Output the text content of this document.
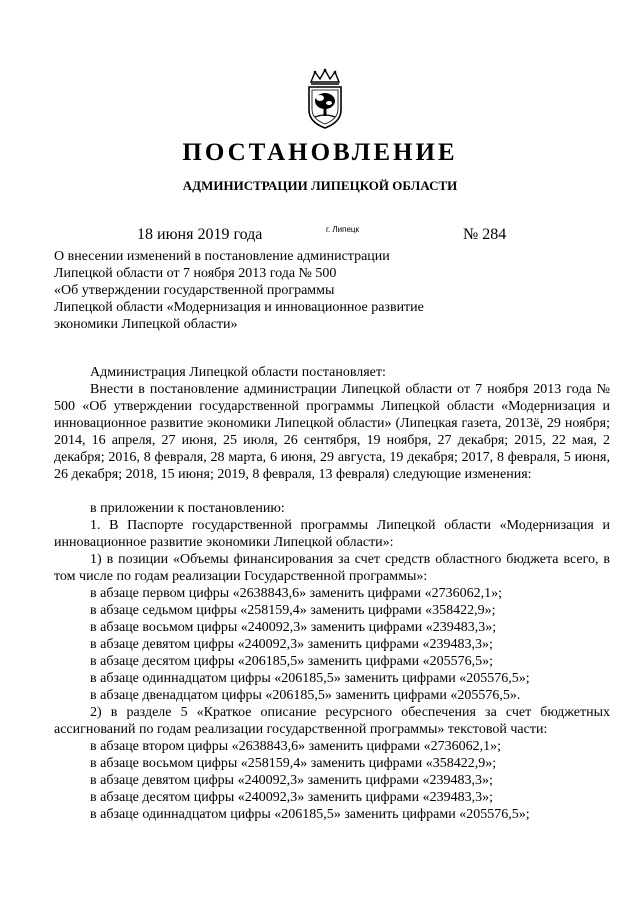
ПОСТАНОВЛЕНИЕ
АДМИНИСТРАЦИИ ЛИПЕЦКОЙ ОБЛАСТИ
18 июня 2019 года	г. Липецк	№ 284
О внесении изменений в постановление администрации
Липецкой области от 7 ноября 2013 года № 500
«Об утверждении государственной программы
Липецкой области «Модернизация и инновационное развитие
экономики Липецкой области»

Администрация Липецкой области постановляет:

Внести в постановление администрации Липецкой области от 7 ноября 2013 года № 500 «Об утверждении государственной программы Липецкой области «Модернизация и инновационное развитие экономики Липецкой области» (Липецкая газета, 2013ё, 29 ноября; 2014, 16 апреля, 27 июня, 25 июля, 26 сентября, 19 ноября, 27 декабря; 2015, 22 мая, 2 декабря; 2016, 8 февраля, 28 марта, 6 июня, 29 августа, 19 декабря; 2017, 8 февраля, 5 июня, 26 декабря; 2018, 15 июня; 2019, 8 февраля, 13 февраля) следующие изменения:

в приложении к постановлению:

1. В Паспорте государственной программы Липецкой области «Модернизация и инновационное развитие экономики Липецкой области»:

1) в позиции «Объемы финансирования за счет средств областного бюджета всего, в том числе по годам реализации Государственной программы»:

в абзаце первом цифры «2638843,6» заменить цифрами «2736062,1»;
в абзаце седьмом цифры «258159,4» заменить цифрами «358422,9»;
в абзаце восьмом цифры «240092,3» заменить цифрами «239483,3»;
в абзаце девятом цифры «240092,3» заменить цифрами «239483,3»;
в абзаце десятом цифры «206185,5» заменить цифрами «205576,5»;
в абзаце одиннадцатом цифры «206185,5» заменить цифрами «205576,5»;
в абзаце двенадцатом цифры «206185,5» заменить цифрами «205576,5».

2) в разделе 5 «Краткое описание ресурсного обеспечения за счет бюджетных ассигнований по годам реализации государственной программы» текстовой части:

в абзаце втором цифры «2638843,6» заменить цифрами «2736062,1»;
в абзаце восьмом цифры «258159,4» заменить цифрами «358422,9»;
в абзаце девятом цифры «240092,3» заменить цифрами «239483,3»;
в абзаце десятом цифры «240092,3» заменить цифрами «239483,3»;
в абзаце одиннадцатом цифры «206185,5» заменить цифрами «205576,5»;
